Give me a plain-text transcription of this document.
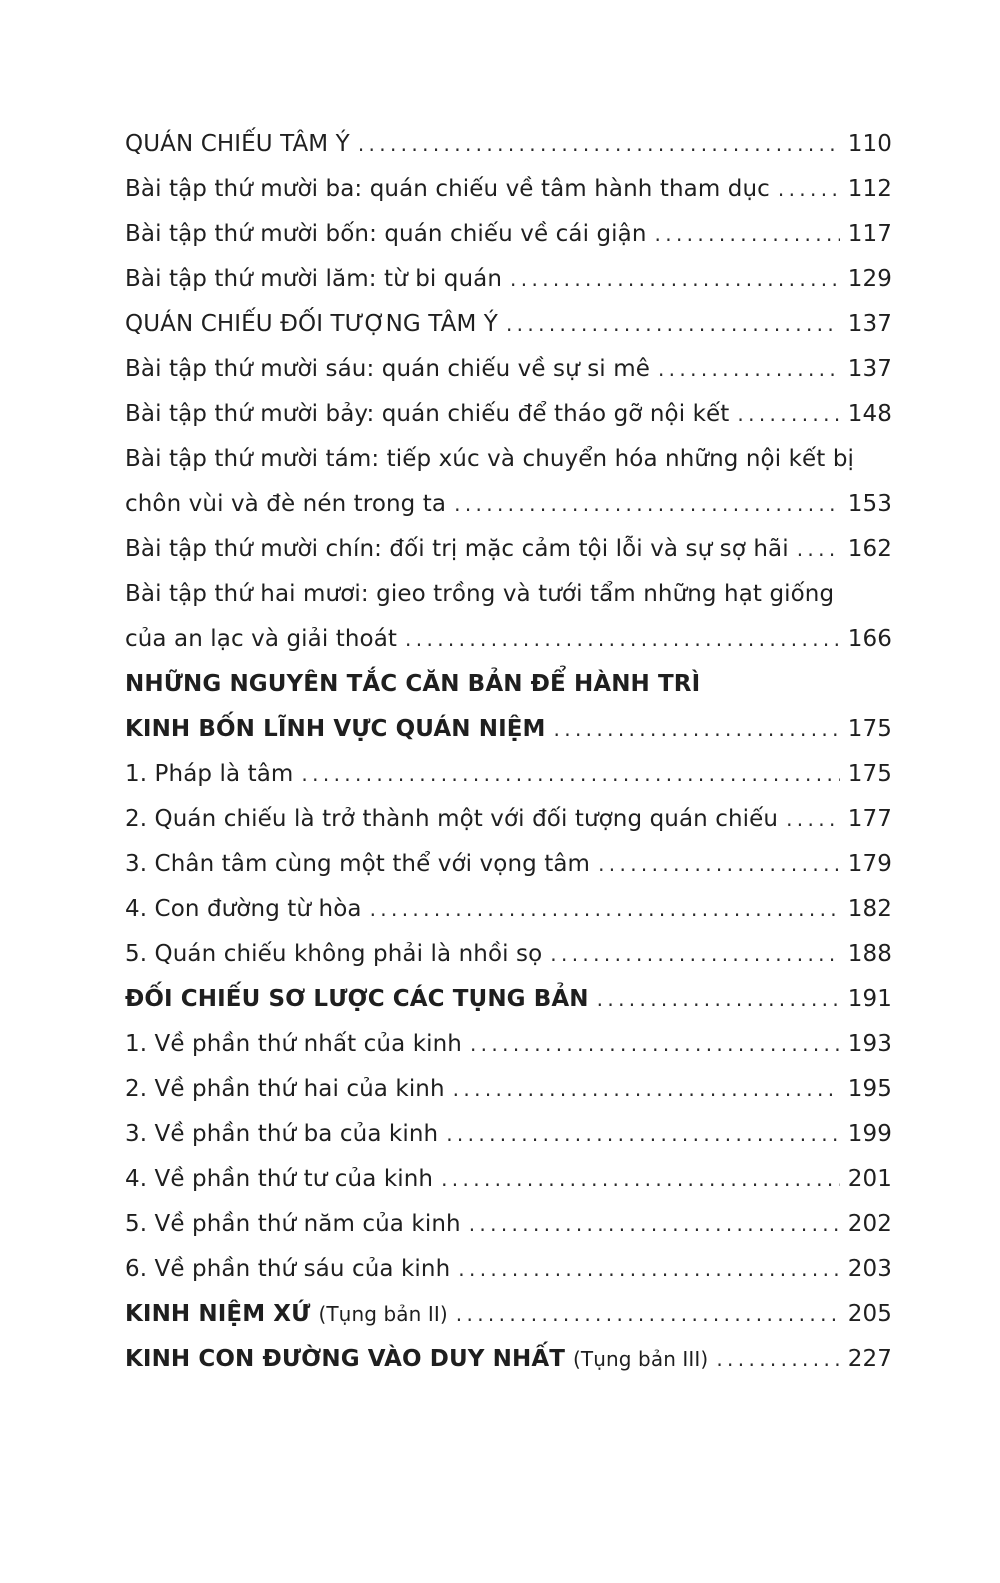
QUÁN CHIẾU TÂM Ý . . .	110
Bài tập thứ mười ba: quán chiếu về tâm hành tham dục . . .	112
Bài tập thứ mười bốn: quán chiếu về cái giận . . .	117
Bài tập thứ mười lăm: từ bi quán . . .	129
QUÁN CHIẾU ĐỐI TƯỢNG TÂM Ý . . .	137
Bài tập thứ mười sáu: quán chiếu về sự si mê . . .	137
Bài tập thứ mười bảy: quán chiếu để tháo gỡ nội kết . . .	148
Bài tập thứ mười tám: tiếp xúc và chuyển hóa những nội kết bị
chôn vùi và đè nén trong ta . . .	153
Bài tập thứ mười chín: đối trị mặc cảm tội lỗi và sự sợ hãi . . .	162
Bài tập thứ hai mươi: gieo trồng và tưới tẩm những hạt giống
của an lạc và giải thoát . . .	166
NHỮNG NGUYÊN TẮC CĂN BẢN ĐỂ HÀNH TRÌ
KINH BỐN LĨNH VỰC QUÁN NIỆM . . .	175
1. Pháp là tâm . . .	175
2. Quán chiếu là trở thành một với đối tượng quán chiếu . . .	177
3. Chân tâm cùng một thể với vọng tâm . . .	179
4. Con đường từ hòa . . .	182
5. Quán chiếu không phải là nhồi sọ . . .	188
ĐỐI CHIẾU SƠ LƯỢC CÁC TỤNG BẢN . . .	191
1. Về phần thứ nhất của kinh . . .	193
2. Về phần thứ hai của kinh . . .	195
3. Về phần thứ ba của kinh . . .	199
4. Về phần thứ tư của kinh . . .	201
5. Về phần thứ năm của kinh . . .	202
6. Về phần thứ sáu của kinh . . .	203
KINH NIỆM XỨ (Tụng bản II) . . .	205
KINH CON ĐƯỜNG VÀO DUY NHẤT (Tụng bản III) . . .	227
